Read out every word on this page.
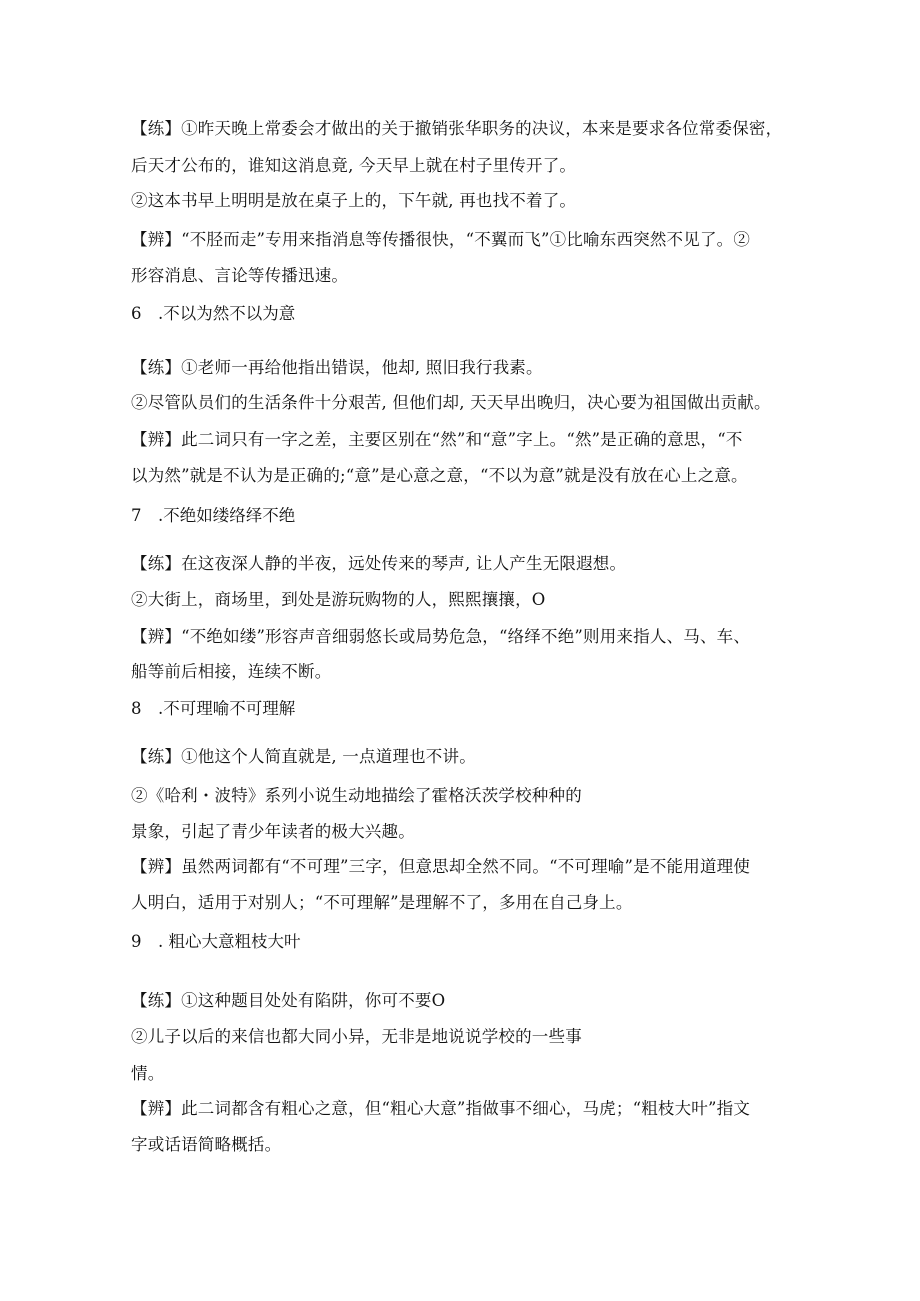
【练】①昨天晚上常委会才做出的关于撤销张华职务的决议，本来是要求各位常委保密，
后天才公布的，谁知这消息竟, 今天早上就在村子里传开了。
②这本书早上明明是放在桌子上的，下午就, 再也找不着了。
【辨】“不胫而走”专用来指消息等传播很快，“不翼而飞”①比喻东西突然不见了。②
形容消息、言论等传播迅速。
6　.不以为然不以为意
【练】①老师一再给他指出错误，他却, 照旧我行我素。
②尽管队员们的生活条件十分艰苦, 但他们却, 天天早出晚归，决心要为祖国做出贡献。
【辨】此二词只有一字之差，主要区别在“然”和“意”字上。“然”是正确的意思，“不
以为然”就是不认为是正确的;“意”是心意之意，“不以为意”就是没有放在心上之意。
7　.不绝如缕络绎不绝
【练】在这夜深人静的半夜，远处传来的琴声, 让人产生无限遐想。
②大街上，商场里，到处是游玩购物的人，熙熙攘攘，O
【辨】“不绝如缕”形容声音细弱悠长或局势危急，“络绎不绝”则用来指人、马、车、
船等前后相接，连续不断。
8　.不可理喻不可理解
【练】①他这个人简直就是, 一点道理也不讲。
②《哈利・波特》系列小说生动地描绘了霍格沃茨学校种种的
景象，引起了青少年读者的极大兴趣。
【辨】虽然两词都有“不可理”三字，但意思却全然不同。“不可理喻”是不能用道理使
人明白，适用于对别人；“不可理解”是理解不了，多用在自己身上。
9　. 粗心大意粗枝大叶
【练】①这种题目处处有陷阱，你可不要O
②儿子以后的来信也都大同小异，无非是地说说学校的一些事
情。
【辨】此二词都含有粗心之意，但“粗心大意”指做事不细心，马虎；“粗枝大叶”指文
字或话语简略概括。
